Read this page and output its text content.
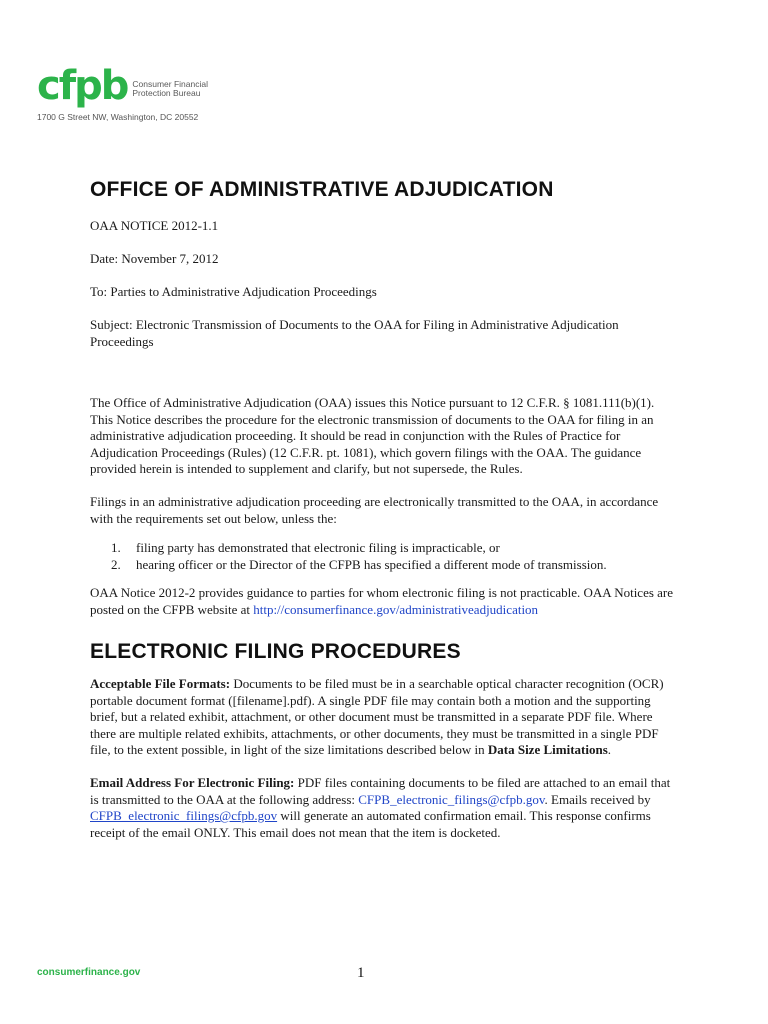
cfpb Consumer Financial
Protection Bureau
1700 G Street NW, Washington, DC 20552
OFFICE OF ADMINISTRATIVE ADJUDICATION

OAA NOTICE 2012-1.1

Date: November 7, 2012

To: Parties to Administrative Adjudication Proceedings

Subject: Electronic Transmission of Documents to the OAA for Filing in Administrative Adjudication Proceedings

The Office of Administrative Adjudication (OAA) issues this Notice pursuant to 12 C.F.R. § 1081.111(b)(1). This Notice describes the procedure for the electronic transmission of documents to the OAA for filing in an administrative adjudication proceeding. It should be read in conjunction with the Rules of Practice for Adjudication Proceedings (Rules) (12 C.F.R. pt. 1081), which govern filings with the OAA. The guidance provided herein is intended to supplement and clarify, but not supersede, the Rules.

Filings in an administrative adjudication proceeding are electronically transmitted to the OAA, in accordance with the requirements set out below, unless the:

1. filing party has demonstrated that electronic filing is impracticable, or
2. hearing officer or the Director of the CFPB has specified a different mode of transmission.

OAA Notice 2012-2 provides guidance to parties for whom electronic filing is not practicable. OAA Notices are posted on the CFPB website at http://consumerfinance.gov/administrativeadjudication

ELECTRONIC FILING PROCEDURES

Acceptable File Formats: Documents to be filed must be in a searchable optical character recognition (OCR) portable document format ([filename].pdf). A single PDF file may contain both a motion and the supporting brief, but a related exhibit, attachment, or other document must be transmitted in a separate PDF file. Where there are multiple related exhibits, attachments, or other documents, they must be transmitted in a single PDF file, to the extent possible, in light of the size limitations described below in Data Size Limitations.

Email Address For Electronic Filing: PDF files containing documents to be filed are attached to an email that is transmitted to the OAA at the following address: CFPB_electronic_filings@cfpb.gov. Emails received by CFPB_electronic_filings@cfpb.gov will generate an automated confirmation email. This response confirms receipt of the email ONLY. This email does not mean that the item is docketed.

consumerfinance.gov	1
